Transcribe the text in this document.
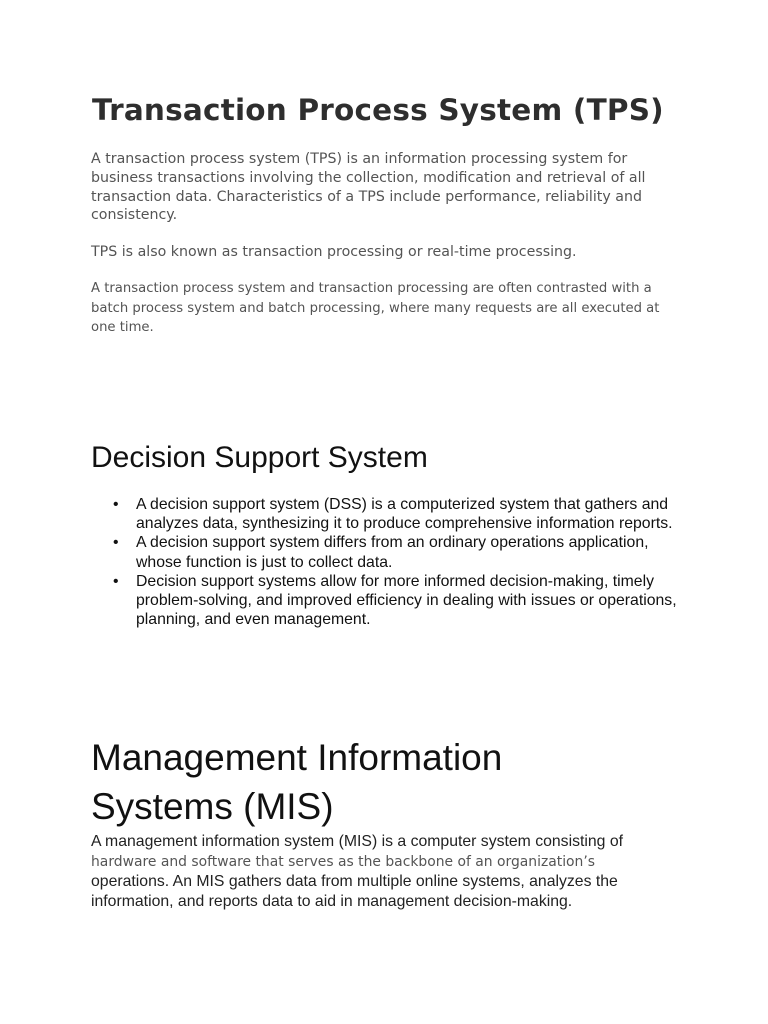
Transaction Process System (TPS)

A transaction process system (TPS) is an information processing system for business transactions involving the collection, modification and retrieval of all transaction data. Characteristics of a TPS include performance, reliability and consistency.

TPS is also known as transaction processing or real-time processing.

A transaction process system and transaction processing are often contrasted with a batch process system and batch processing, where many requests are all executed at one time.

Decision Support System
• A decision support system (DSS) is a computerized system that gathers and analyzes data, synthesizing it to produce comprehensive information reports.
• A decision support system differs from an ordinary operations application, whose function is just to collect data.
• Decision support systems allow for more informed decision-making, timely problem-solving, and improved efficiency in dealing with issues or operations, planning, and even management.
Management Information Systems (MIS)

A management information system (MIS) is a computer system consisting of
hardware and software that serves as the backbone of an organization’s
operations. An MIS gathers data from multiple online systems, analyzes the
information, and reports data to aid in management decision-making.
